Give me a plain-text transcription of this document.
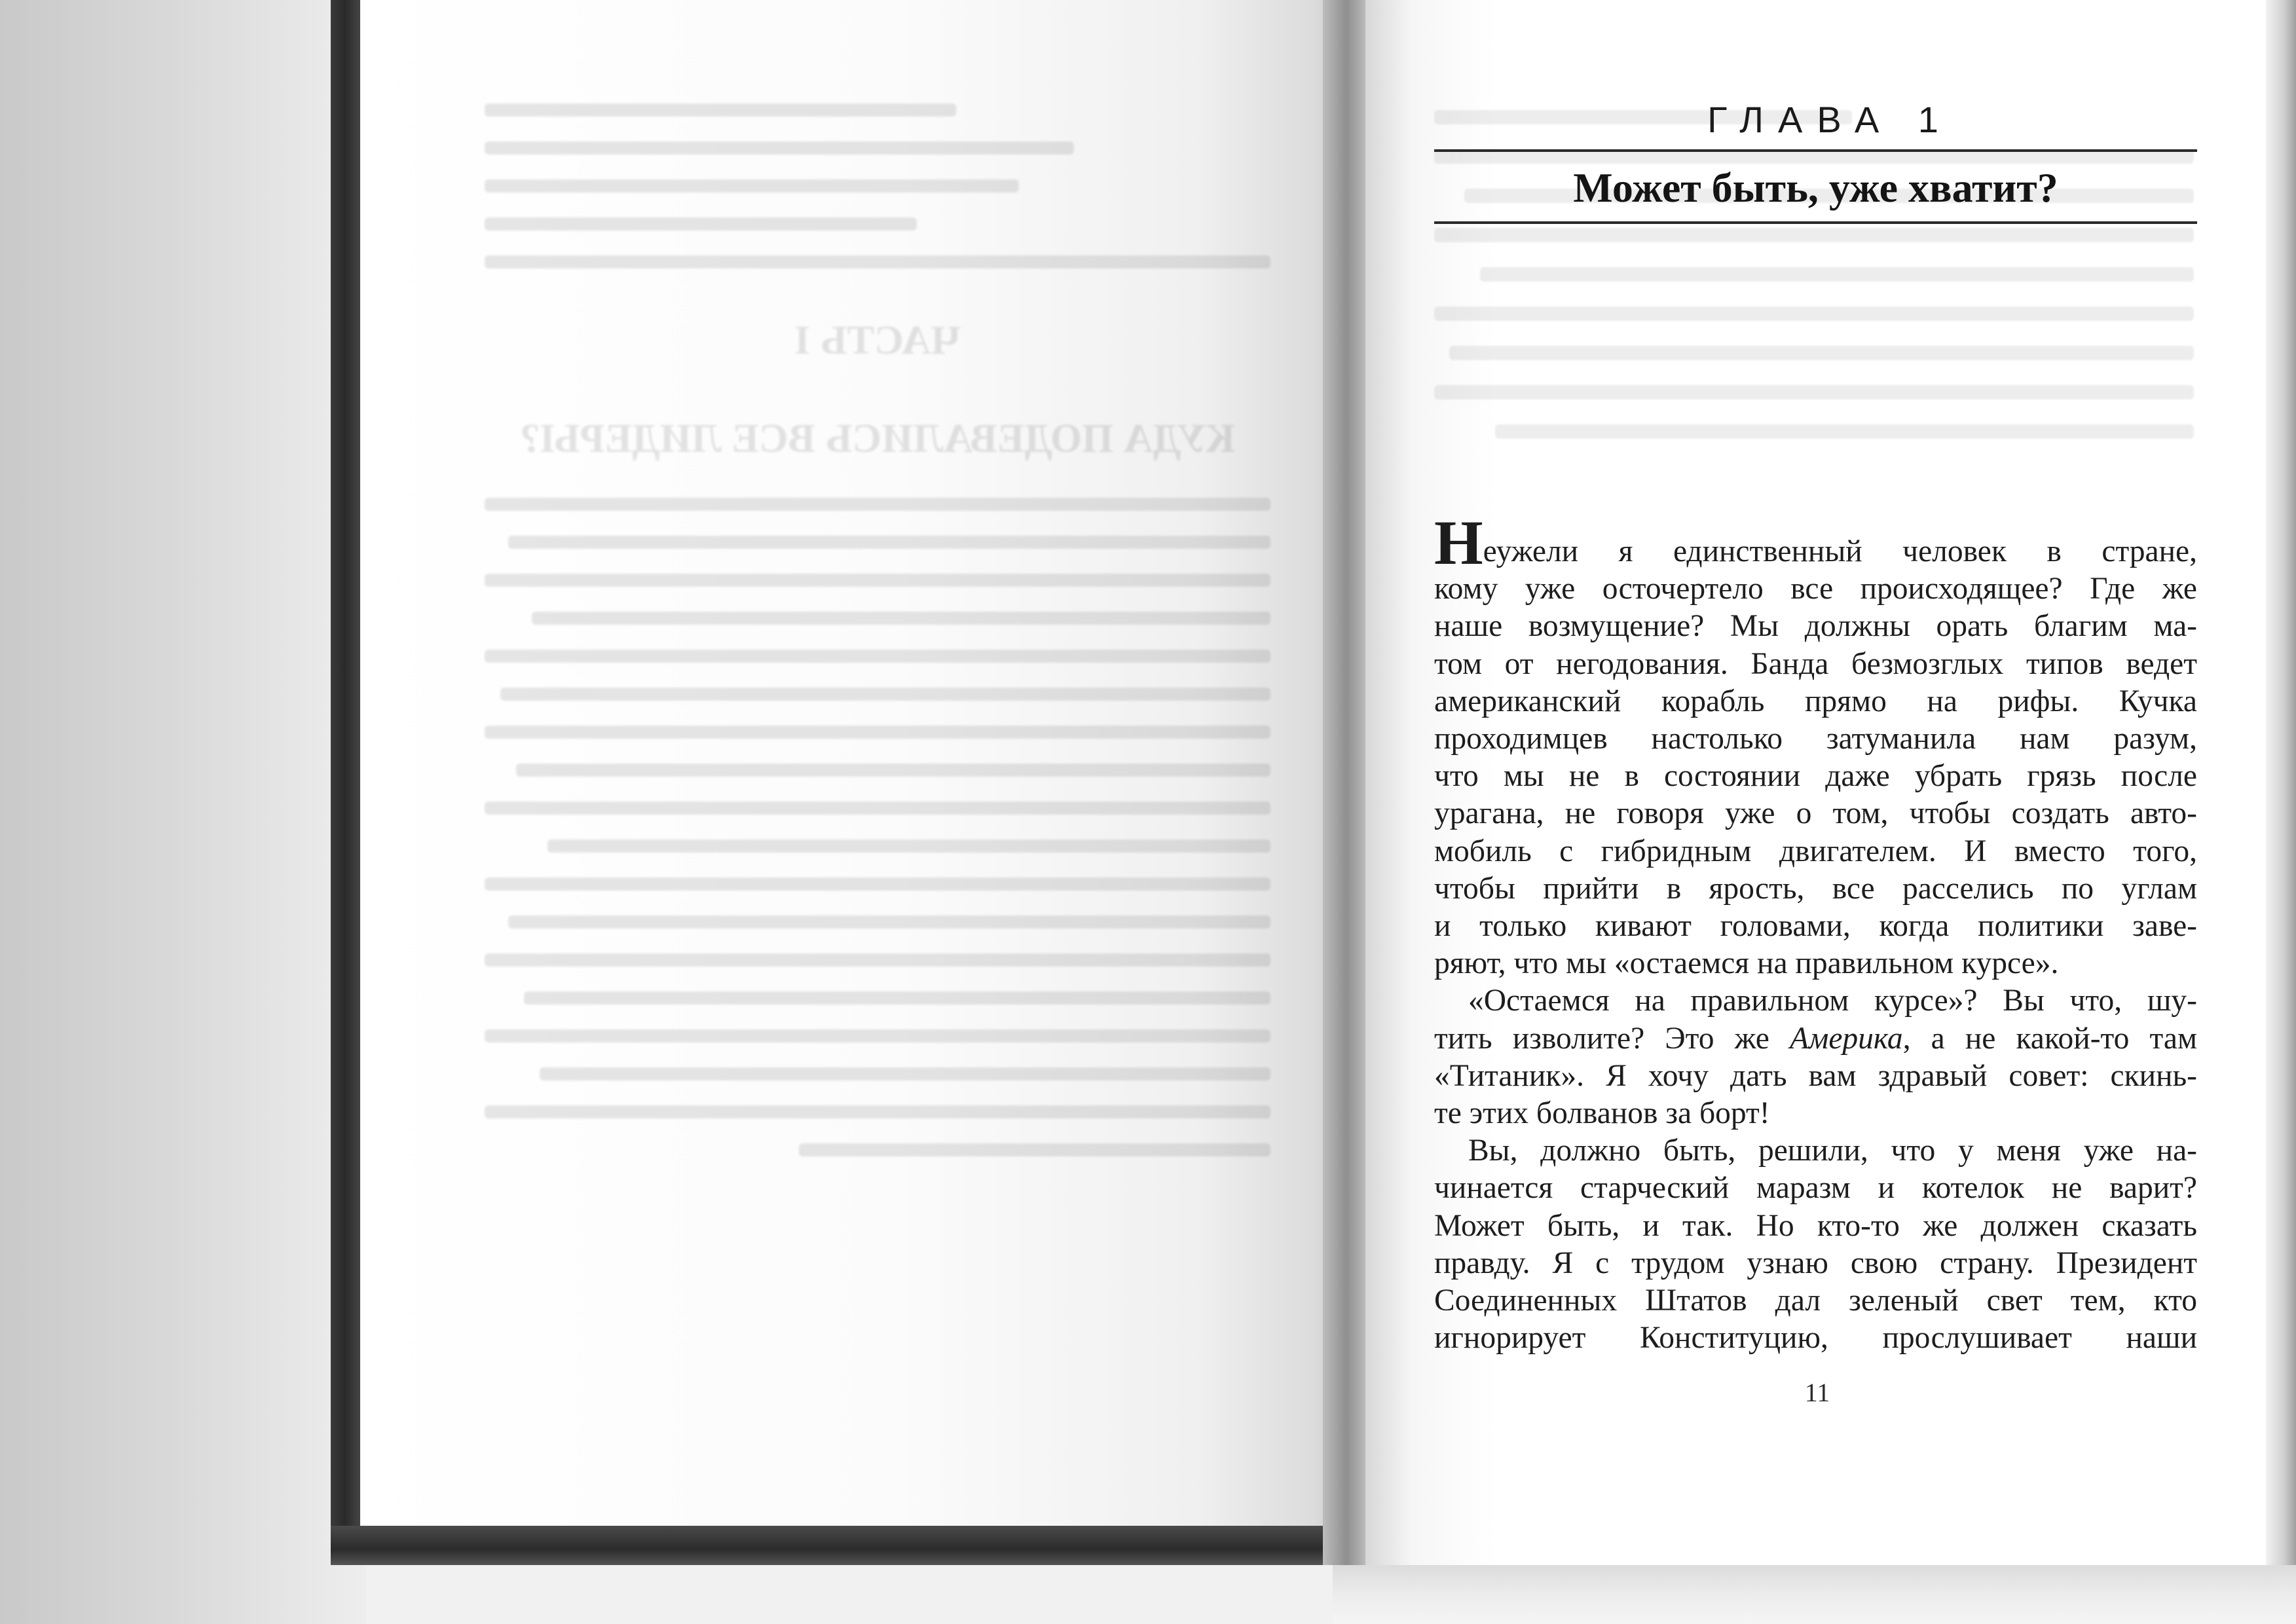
ЧАСТЬ I
КУДА ПОДЕВАЛИСЬ ВСЕ ЛИДЕРЫ?
ГЛАВА 1
Может быть, уже хватит?

Неужели я единственный человек в стране,
кому уже осточертело все происходящее? Где же
наше возмущение? Мы должны орать благим ма-
том от негодования. Банда безмозглых типов ведет
американский корабль прямо на рифы. Кучка
проходимцев настолько затуманила нам разум,
что мы не в состоянии даже убрать грязь после
урагана, не говоря уже о том, чтобы создать авто-
мобиль с гибридным двигателем. И вместо того,
чтобы прийти в ярость, все расселись по углам
и только кивают головами, когда политики заве-
ряют, что мы «остаемся на правильном курсе».

«Остаемся на правильном курсе»? Вы что, шу-
тить изволите? Это же Америка, а не какой-то там
«Титаник». Я хочу дать вам здравый совет: скинь-
те этих болванов за борт!

Вы, должно быть, решили, что у меня уже на-
чинается старческий маразм и котелок не варит?
Может быть, и так. Но кто-то же должен сказать
правду. Я с трудом узнаю свою страну. Президент
Соединенных Штатов дал зеленый свет тем, кто
игнорирует Конституцию, прослушивает наши

11
